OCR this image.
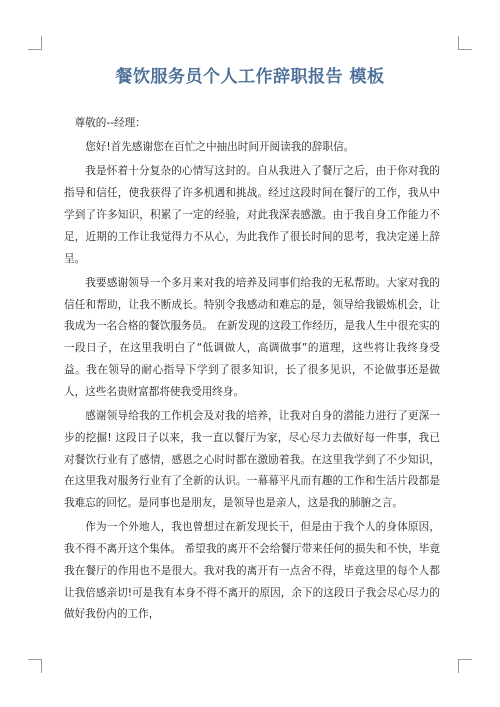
餐饮服务员个人工作辞职报告 模板

尊敬的--经理：

您好!首先感谢您在百忙之中抽出时间开阅读我的辞职信。

我是怀着十分复杂的心情写这封的。自从我进入了餐厅之后，由于你对我的指导和信任，使我获得了许多机遇和挑战。经过这段时间在餐厅的工作，我从中学到了许多知识，积累了一定的经验，对此我深表感激。由于我自身工作能力不足，近期的工作让我觉得力不从心，为此我作了很长时间的思考，我决定递上辞呈。

我要感谢领导一个多月来对我的培养及同事们给我的无私帮助。大家对我的信任和帮助，让我不断成长。特别令我感动和难忘的是，领导给我锻炼机会，让我成为一名合格的餐饮服务员。 在新发现的这段工作经历，是我人生中很充实的一段日子，在这里我明白了“低调做人，高调做事”的道理，这些将让我终身受益。我在领导的耐心指导下学到了很多知识，长了很多见识，不论做事还是做人，这些名贵财富都将使我受用终身。

感谢领导给我的工作机会及对我的培养，让我对自身的潜能力进行了更深一步的挖掘! 这段日子以来，我一直以餐厅为家，尽心尽力去做好每一件事，我已对餐饮行业有了感情，感恩之心时时都在激励着我。在这里我学到了不少知识，在这里我对服务行业有了全新的认识。一幕幕平凡而有趣的工作和生活片段都是我难忘的回忆。是同事也是朋友，是领导也是亲人，这是我的肺腑之言。

作为一个外地人，我也曾想过在新发现长干，但是由于我个人的身体原因，我不得不离开这个集体。 希望我的离开不会给餐厅带来任何的损失和不快，毕竟我在餐厅的作用也不是很大。我对我的离开有一点舍不得，毕竟这里的每个人都让我倍感亲切!可是我有本身不得不离开的原因，余下的这段日子我会尽心尽力的做好我份内的工作，
